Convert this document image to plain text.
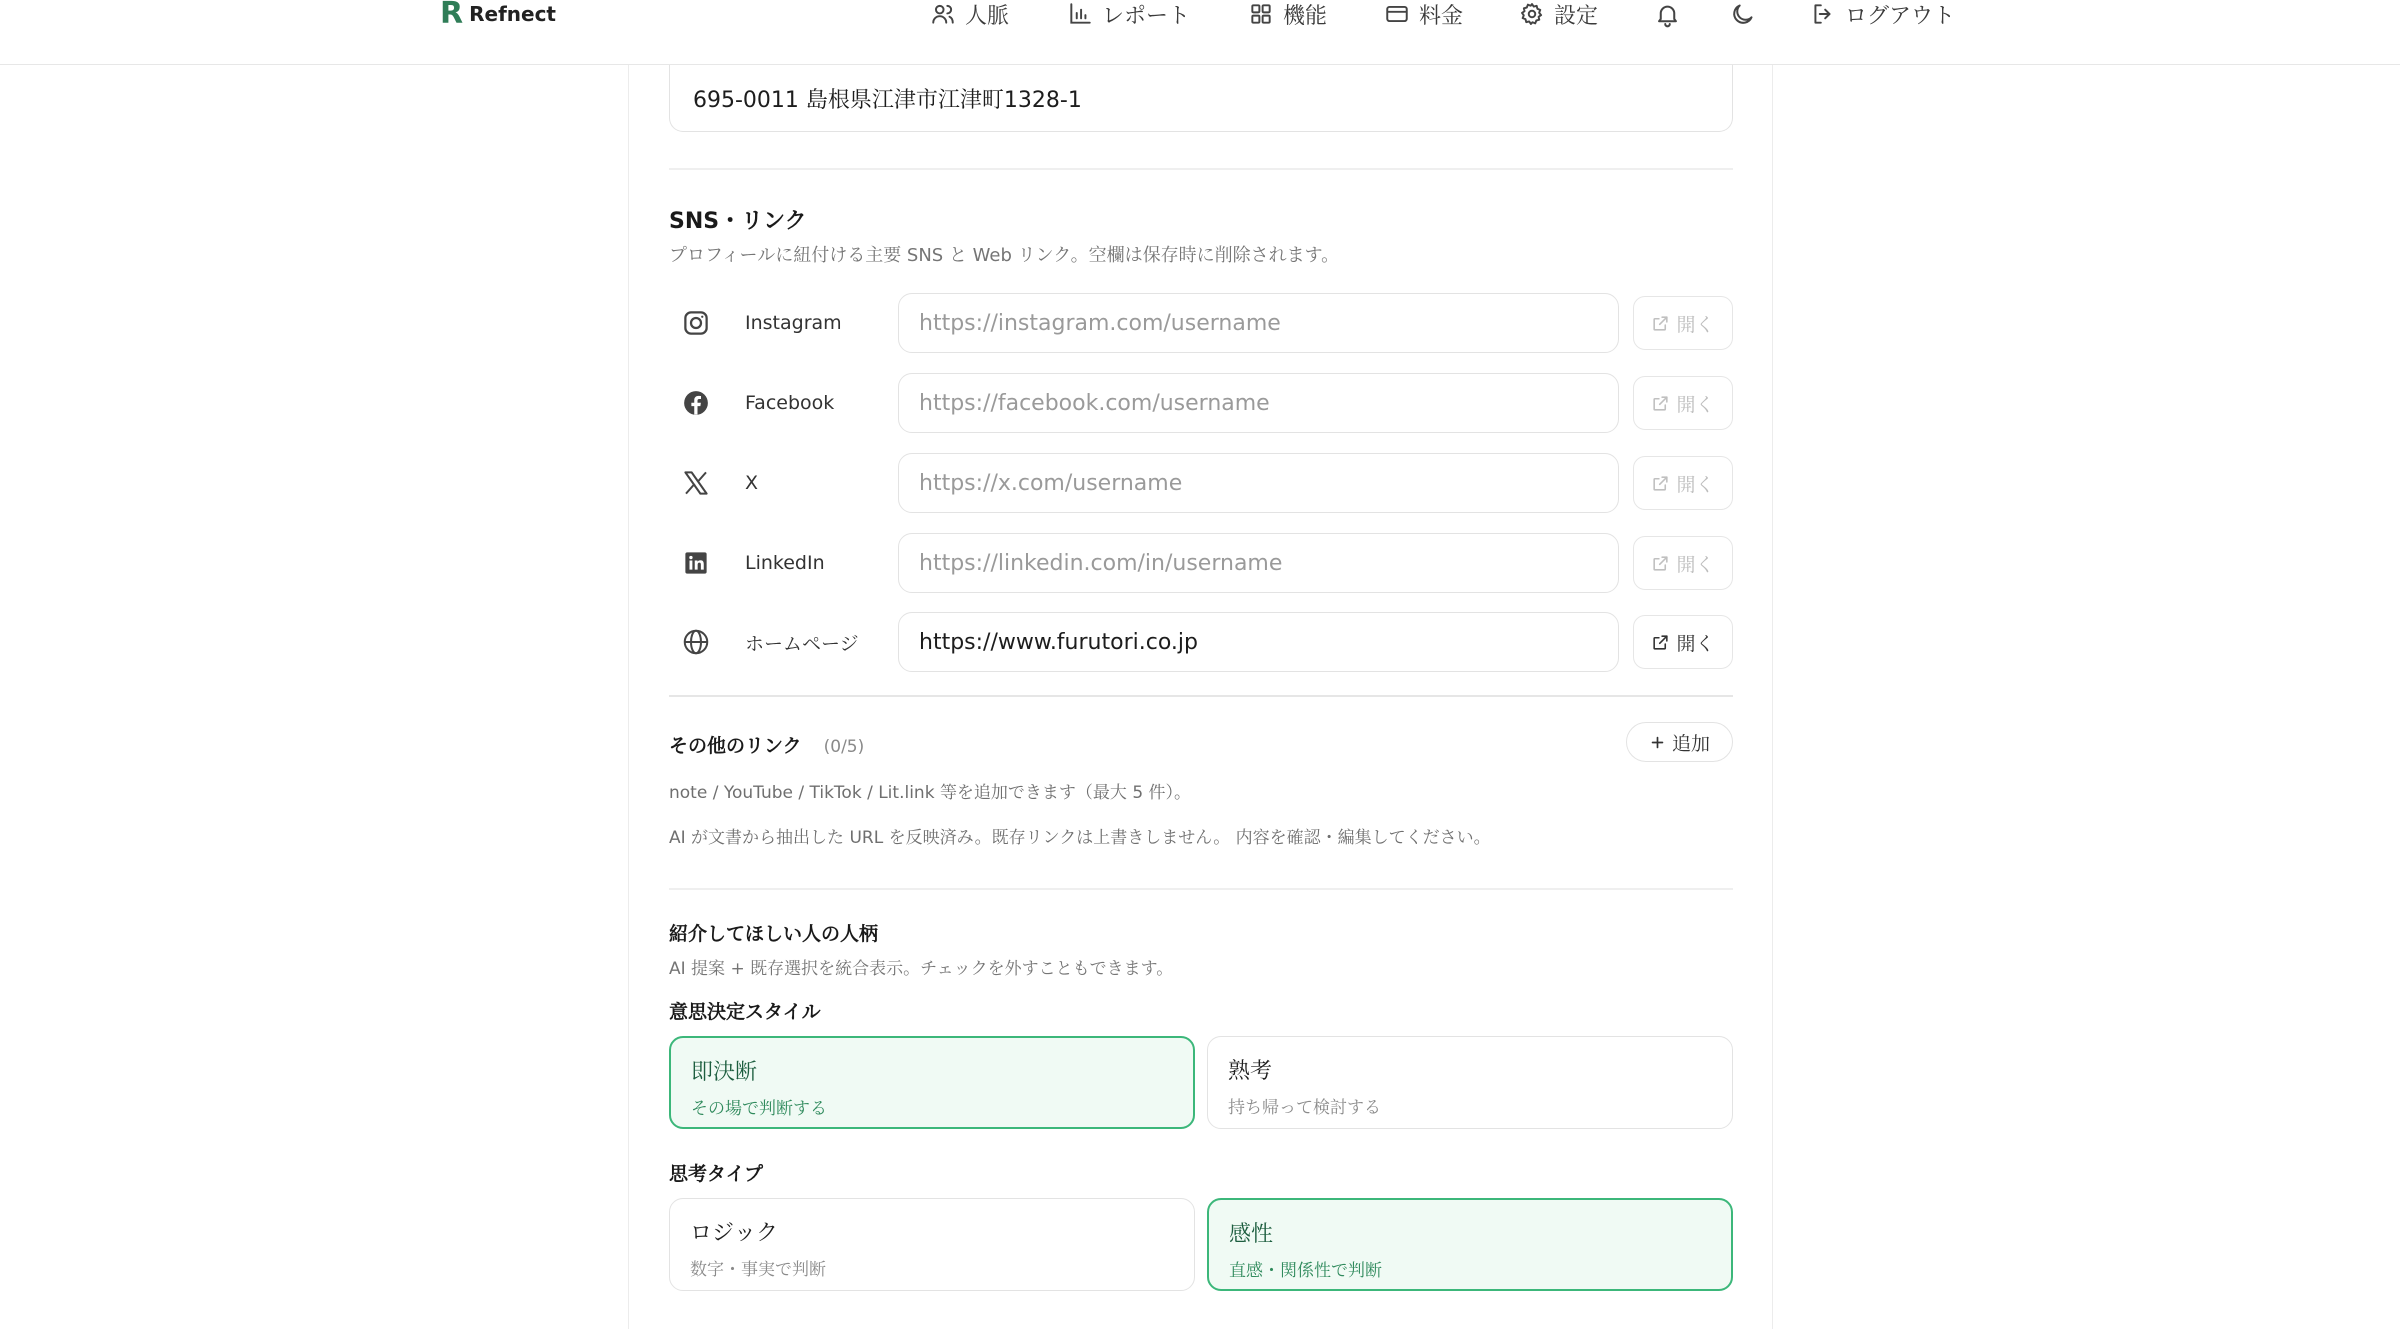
R Refnect	人脈	レポート	機能	料金	設定	ログアウト
695-0011 島根県江津市江津町1328-1
SNS・リンク
プロフィールに紐付ける主要 SNS と Web リンク。空欄は保存時に削除されます。
Instagram
https://instagram.com/username	開く
Facebook
https://facebook.com/username	開く
X
https://x.com/username	開く
LinkedIn
https://linkedin.com/in/username	開く
ホームページ
https://www.furutori.co.jp	開く
その他のリンク (0/5)	追加
note / YouTube / TikTok / Lit.link 等を追加できます（最大 5 件）。
AI が文書から抽出した URL を反映済み。既存リンクは上書きしません。 内容を確認・編集してください。
紹介してほしい人の人柄
AI 提案 + 既存選択を統合表示。チェックを外すこともできます。
意思決定スタイル
即決断
その場で判断する
熟考
持ち帰って検討する
思考タイプ
ロジック
数字・事実で判断
感性
直感・関係性で判断
